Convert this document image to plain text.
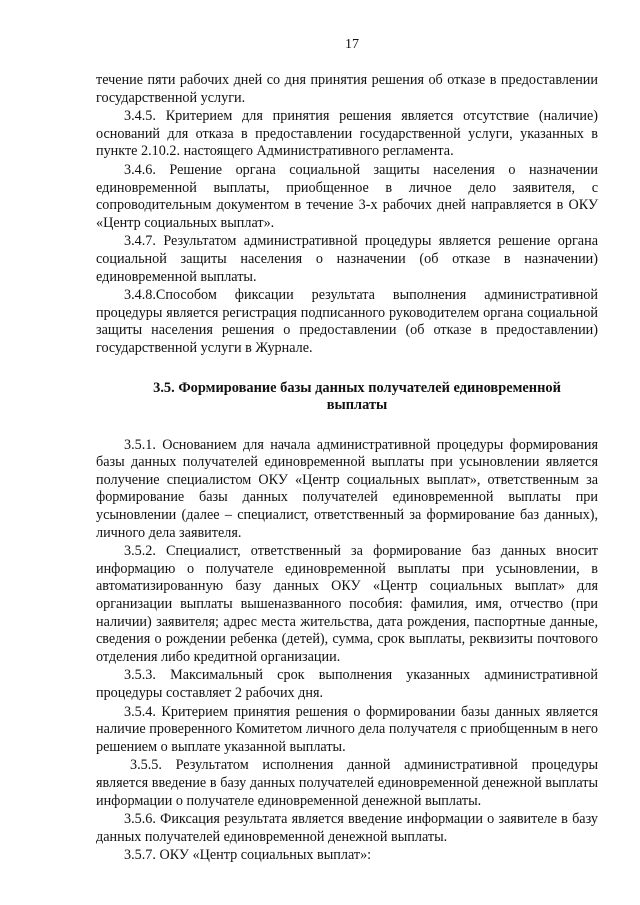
17

течение пяти рабочих дней со дня принятия решения об отказе в предоставлении государственной услуги.

3.4.5. Критерием для принятия решения является отсутствие (наличие) оснований для отказа в предоставлении государственной услуги, указанных в пункте 2.10.2. настоящего Административного регламента.

3.4.6. Решение органа социальной защиты населения о назначении единовременной выплаты, приобщенное в личное дело заявителя, с сопроводительным документом в течение 3-х рабочих дней направляется в ОКУ «Центр социальных выплат».

3.4.7. Результатом административной процедуры является решение органа социальной защиты населения о назначении (об отказе в назначении) единовременной выплаты.

3.4.8.Способом фиксации результата выполнения административной процедуры является регистрация подписанного руководителем органа социальной защиты населения решения о предоставлении (об отказе в предоставлении) государственной услуги в Журнале.

3.5. Формирование базы данных получателей единовременной выплаты

3.5.1. Основанием для начала административной процедуры формирования базы данных получателей единовременной выплаты при усыновлении является получение специалистом ОКУ «Центр социальных выплат», ответственным за формирование базы данных получателей единовременной выплаты при усыновлении (далее – специалист, ответственный за формирование баз данных), личного дела заявителя.

3.5.2. Специалист, ответственный за формирование баз данных вносит информацию о получателе единовременной выплаты при усыновлении, в автоматизированную базу данных ОКУ «Центр социальных выплат» для организации выплаты вышеназванного пособия: фамилия, имя, отчество (при наличии) заявителя; адрес места жительства, дата рождения, паспортные данные, сведения о рождении ребенка (детей), сумма, срок выплаты, реквизиты почтового отделения либо кредитной организации.

3.5.3. Максимальный срок выполнения указанных административной процедуры составляет 2 рабочих дня.

3.5.4. Критерием принятия решения о формировании базы данных является наличие проверенного Комитетом личного дела получателя с приобщенным в него решением о выплате указанной выплаты.

3.5.5. Результатом исполнения данной административной процедуры является введение в базу данных получателей единовременной денежной выплаты информации о получателе единовременной денежной выплаты.

3.5.6. Фиксация результата является введение информации о заявителе в базу данных получателей единовременной денежной выплаты.

3.5.7. ОКУ «Центр социальных выплат»:
